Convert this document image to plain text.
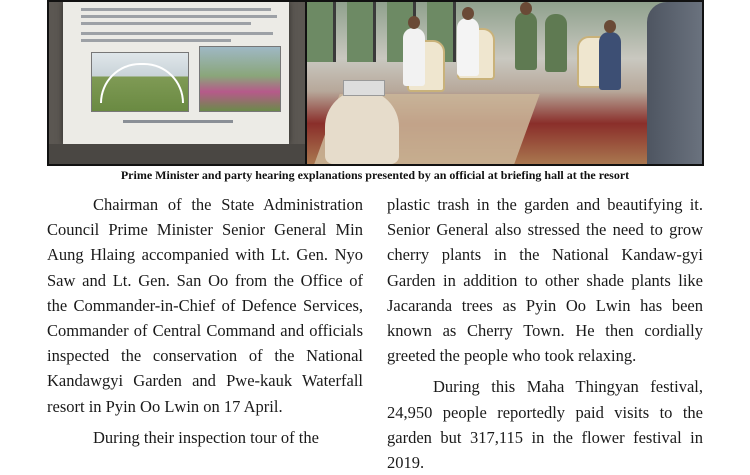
Prime Minister and party hearing explanations presented by an official at briefing hall at the resort

Chairman of the State Administration Council Prime Minister Senior General Min Aung Hlaing accompanied with Lt. Gen. Nyo Saw and Lt. Gen. San Oo from the Office of the Commander-in-Chief of Defence Services, Commander of Central Command and officials inspected the conservation of the National Kandawgyi Garden and Pwe-kauk Waterfall resort in Pyin Oo Lwin on 17 April.

During their inspection tour of the

plastic trash in the garden and beautifying it. Senior General also stressed the need to grow cherry plants in the National Kandaw-gyi Garden in addition to other shade plants like Jacaranda trees as Pyin Oo Lwin has been known as Cherry Town. He then cordially greeted the people who took relaxing.

During this Maha Thingyan festival, 24,950 people reportedly paid visits to the garden but 317,115 in the flower festival in 2019.
